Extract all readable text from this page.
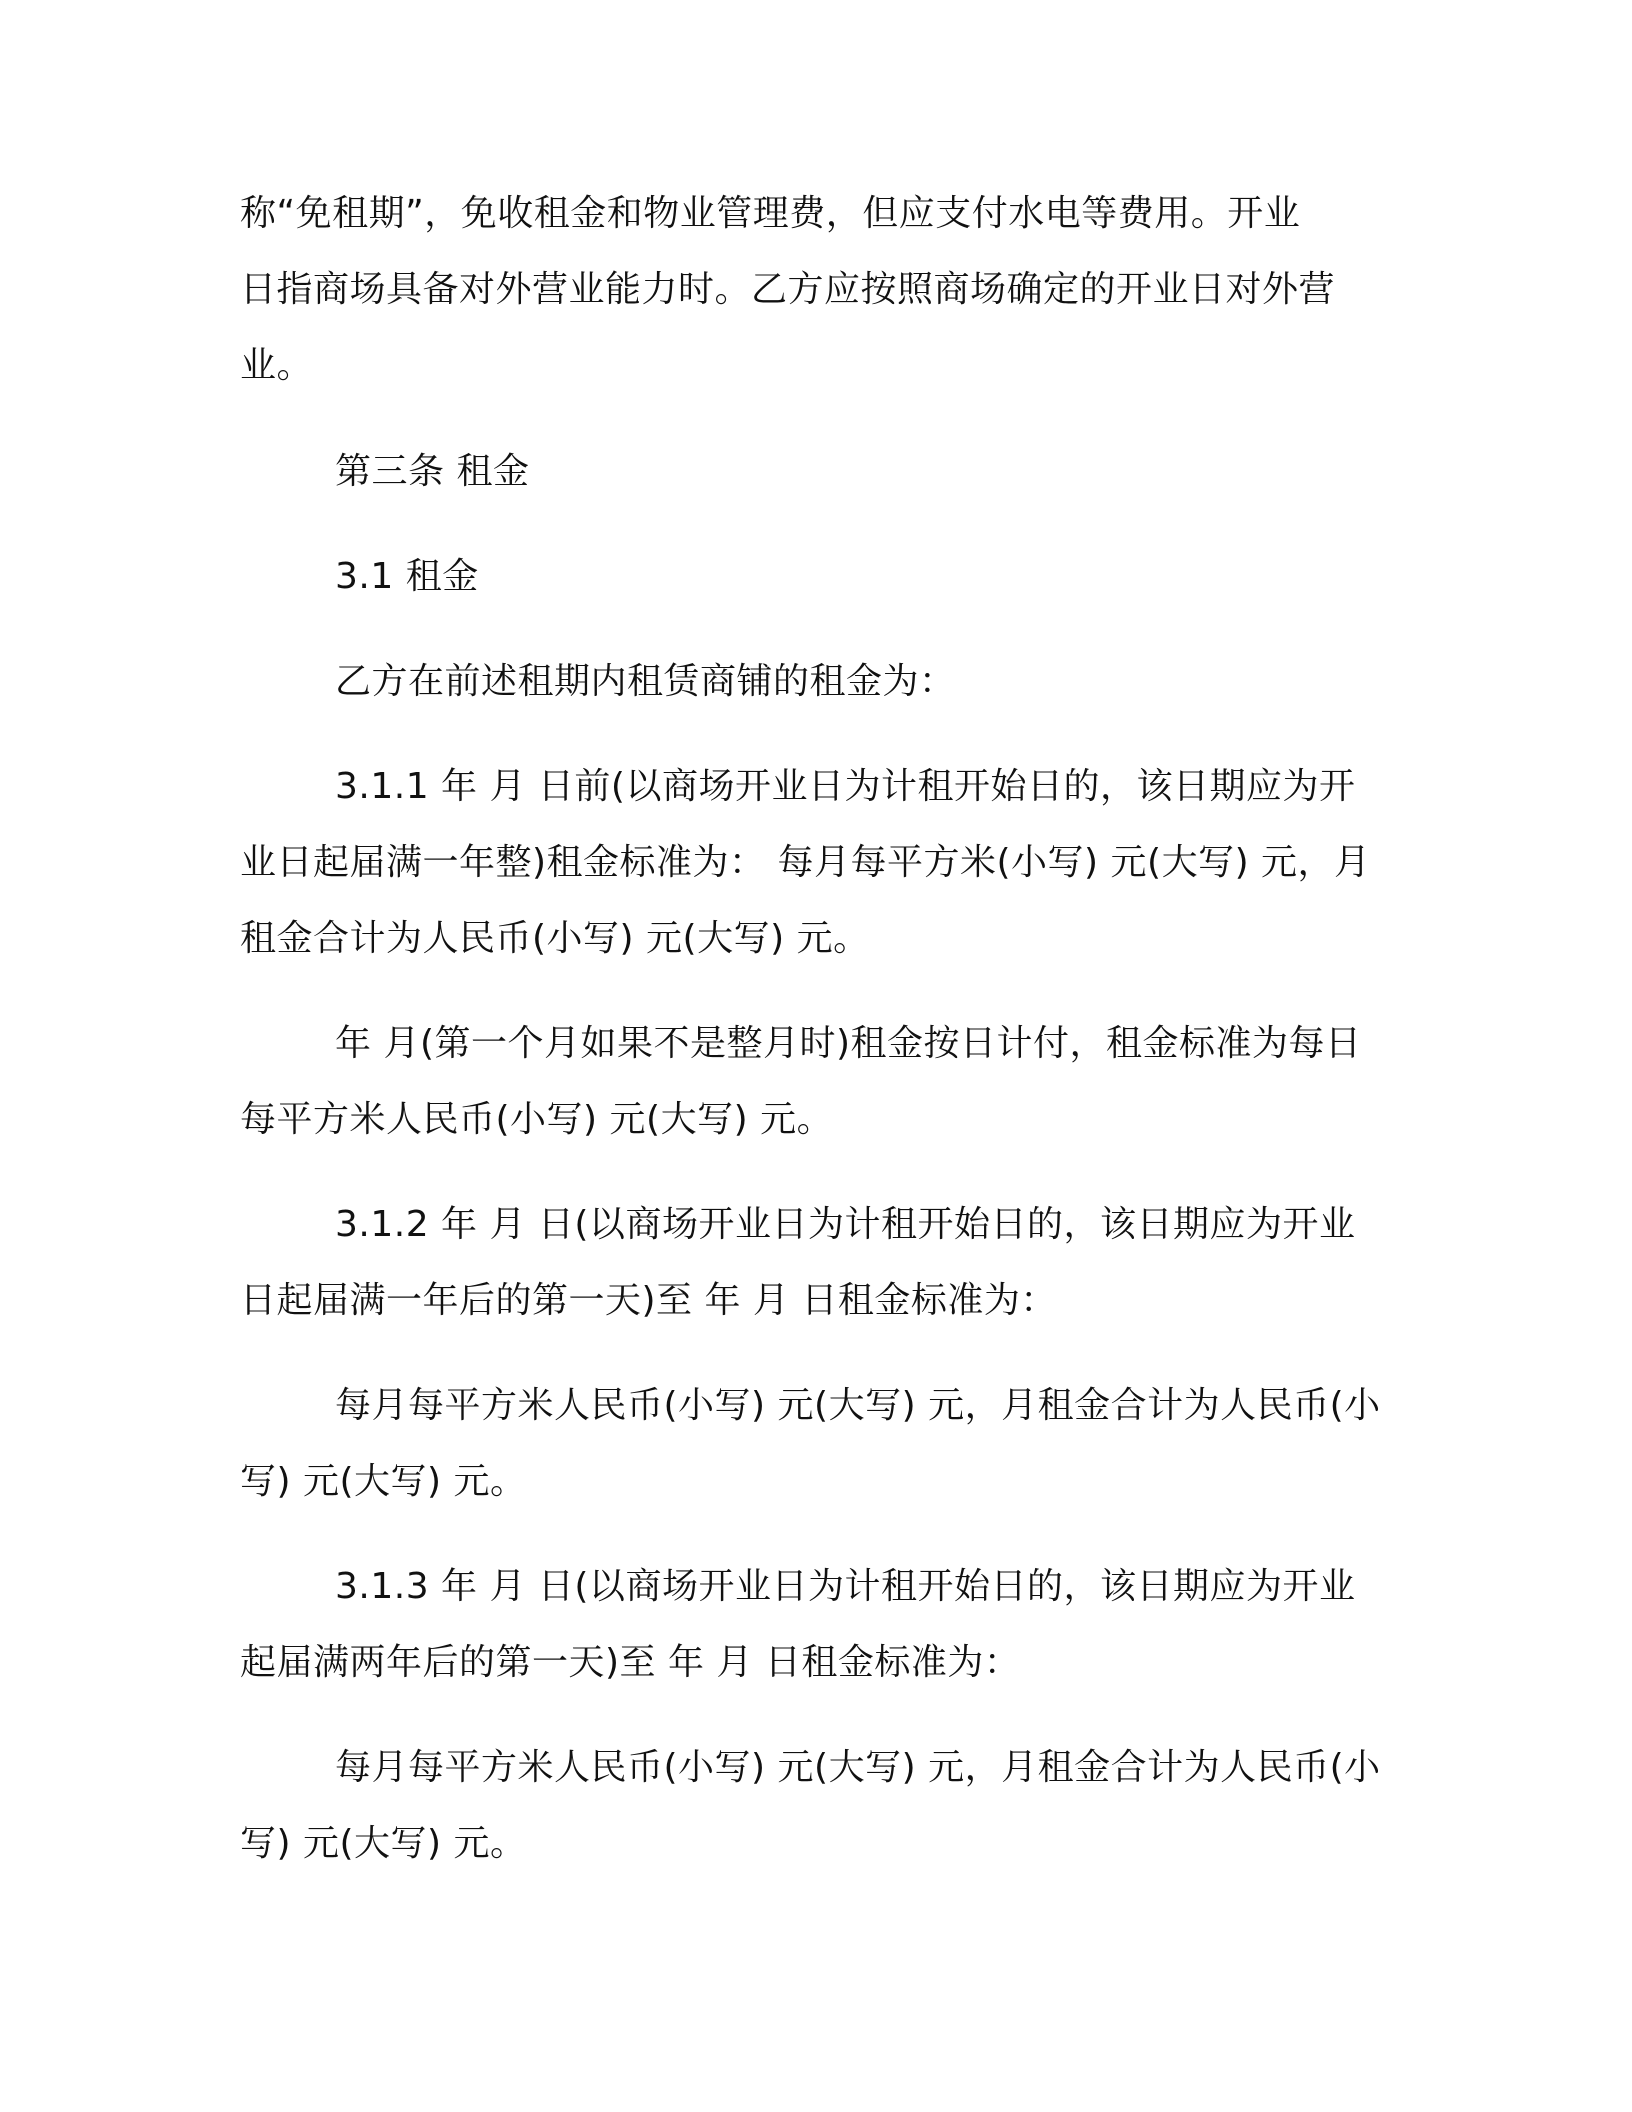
称“免租期”，免收租金和物业管理费，但应支付水电等费用。开业
日指商场具备对外营业能力时。乙方应按照商场确定的开业日对外营
业。
第三条 租金
3.1 租金
乙方在前述租期内租赁商铺的租金为：
3.1.1 年 月 日前(以商场开业日为计租开始日的，该日期应为开
业日起届满一年整)租金标准为： 每月每平方米(小写) 元(大写) 元，月
租金合计为人民币(小写) 元(大写) 元。
年 月(第一个月如果不是整月时)租金按日计付，租金标准为每日
每平方米人民币(小写) 元(大写) 元。
3.1.2 年 月 日(以商场开业日为计租开始日的，该日期应为开业
日起届满一年后的第一天)至 年 月 日租金标准为：
每月每平方米人民币(小写) 元(大写) 元，月租金合计为人民币(小
写) 元(大写) 元。
3.1.3 年 月 日(以商场开业日为计租开始日的，该日期应为开业
起届满两年后的第一天)至 年 月 日租金标准为：
每月每平方米人民币(小写) 元(大写) 元，月租金合计为人民币(小
写) 元(大写) 元。
